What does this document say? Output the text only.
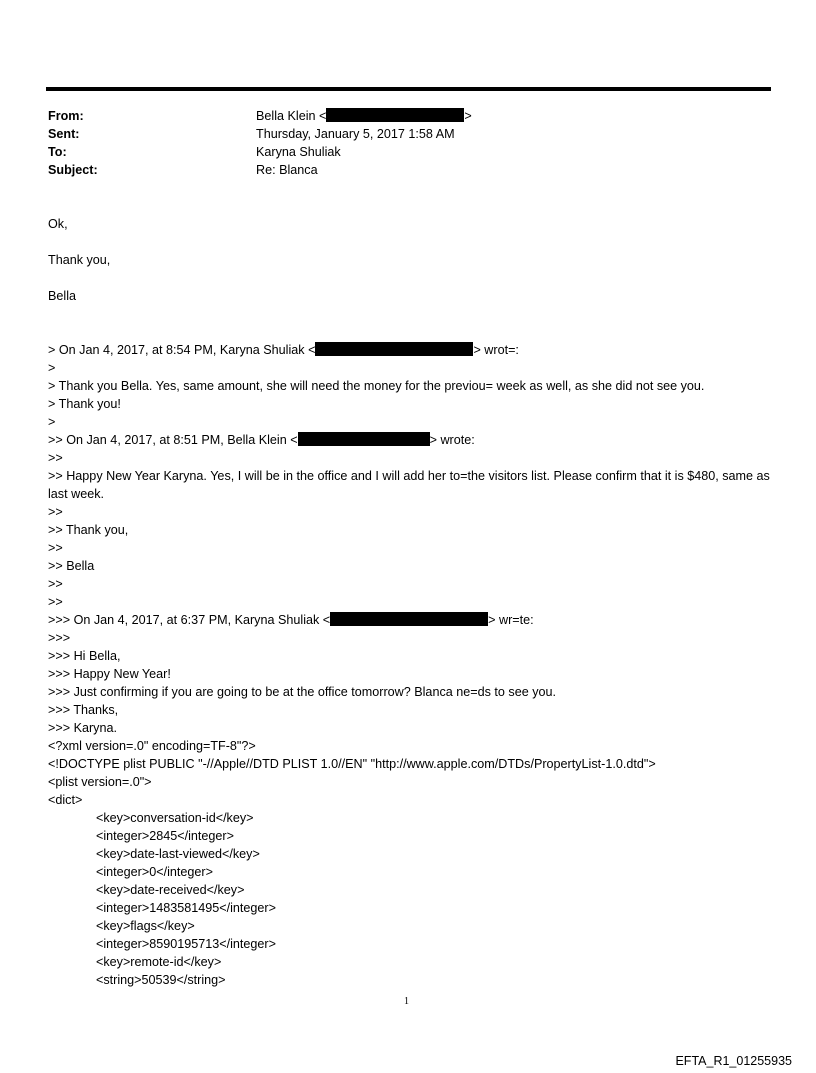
From:	Bella Klein <	>
Sent:	Thursday, January 5, 2017 1:58 AM
To:	Karyna Shuliak
Subject:	Re: Blanca
Ok,
Thank you,
Bella
> On Jan 4, 2017, at 8:54 PM, Karyna Shuliak <	> wrot=:
>
> Thank you Bella. Yes, same amount, she will need the money for the previou= week as well, as she did not see you.
> Thank you!
>
>> On Jan 4, 2017, at 8:51 PM, Bella Klein <	> wrote:
>>
>> Happy New Year Karyna. Yes, I will be in the office and I will add her to=the visitors list. Please confirm that it is $480, same as last week.
>>
>> Thank you,
>>
>> Bella
>>
>>
>>> On Jan 4, 2017, at 6:37 PM, Karyna Shuliak <	> wr=te:
>>>
>>> Hi Bella,
>>> Happy New Year!
>>> Just confirming if you are going to be at the office tomorrow? Blanca ne=ds to see you.
>>> Thanks,
>>> Karyna.
<?xml version=.0" encoding=TF-8"?>
<!DOCTYPE plist PUBLIC "-//Apple//DTD PLIST 1.0//EN" "http://www.apple.com/DTDs/PropertyList-1.0.dtd">
<plist version=.0">
<dict>
<key>conversation-id</key>
<integer>2845</integer>
<key>date-last-viewed</key>
<integer>0</integer>
<key>date-received</key>
<integer>1483581495</integer>
<key>flags</key>
<integer>8590195713</integer>
<key>remote-id</key>
<string>50539</string>
1
EFTA_R1_01255935
